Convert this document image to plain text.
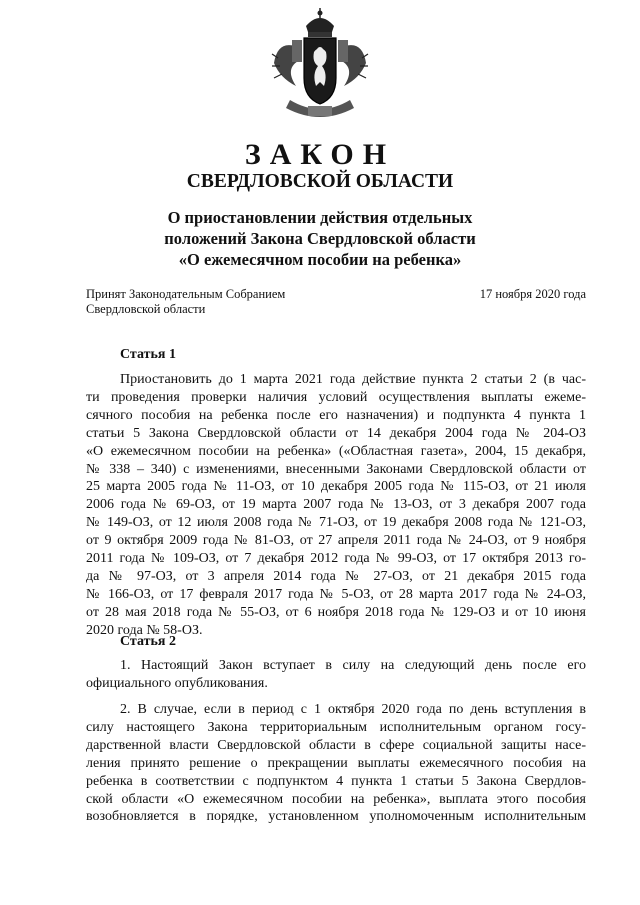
ЗАКОН
СВЕРДЛОВСКОЙ ОБЛАСТИ
О приостановлении действия отдельных
положений Закона Свердловской области
«О ежемесячном пособии на ребенка»
Принят Законодательным Собранием
Свердловской области
17 ноября 2020 года
Статья 1
Приостановить до 1 марта 2021 года действие пункта 2 статьи 2 (в час-
ти проведения проверки наличия условий осуществления выплаты ежеме-
сячного пособия на ребенка после его назначения) и подпункта 4 пункта 1
статьи 5 Закона Свердловской области от 14 декабря 2004 года № 204-ОЗ
«О ежемесячном пособии на ребенка» («Областная газета», 2004, 15 декабря,
№ 338 – 340) с изменениями, внесенными Законами Свердловской области от
25 марта 2005 года № 11-ОЗ, от 10 декабря 2005 года № 115-ОЗ, от 21 июля
2006 года № 69-ОЗ, от 19 марта 2007 года № 13-ОЗ, от 3 декабря 2007 года
№ 149-ОЗ, от 12 июля 2008 года № 71-ОЗ, от 19 декабря 2008 года № 121-ОЗ,
от 9 октября 2009 года № 81-ОЗ, от 27 апреля 2011 года № 24-ОЗ, от 9 ноября
2011 года № 109-ОЗ, от 7 декабря 2012 года № 99-ОЗ, от 17 октября 2013 го-
да № 97-ОЗ, от 3 апреля 2014 года № 27-ОЗ, от 21 декабря 2015 года
№ 166-ОЗ, от 17 февраля 2017 года № 5-ОЗ, от 28 марта 2017 года № 24-ОЗ,
от 28 мая 2018 года № 55-ОЗ, от 6 ноября 2018 года № 129-ОЗ и от 10 июня
2020 года № 58-ОЗ.
Статья 2
1. Настоящий Закон вступает в силу на следующий день после его
официального опубликования.
2. В случае, если в период с 1 октября 2020 года по день вступления в
силу настоящего Закона территориальным исполнительным органом госу-
дарственной власти Свердловской области в сфере социальной защиты насе-
ления принято решение о прекращении выплаты ежемесячного пособия на
ребенка в соответствии с подпунктом 4 пункта 1 статьи 5 Закона Свердлов-
ской области «О ежемесячном пособии на ребенка», выплата этого пособия
возобновляется в порядке, установленном уполномоченным исполнительным
